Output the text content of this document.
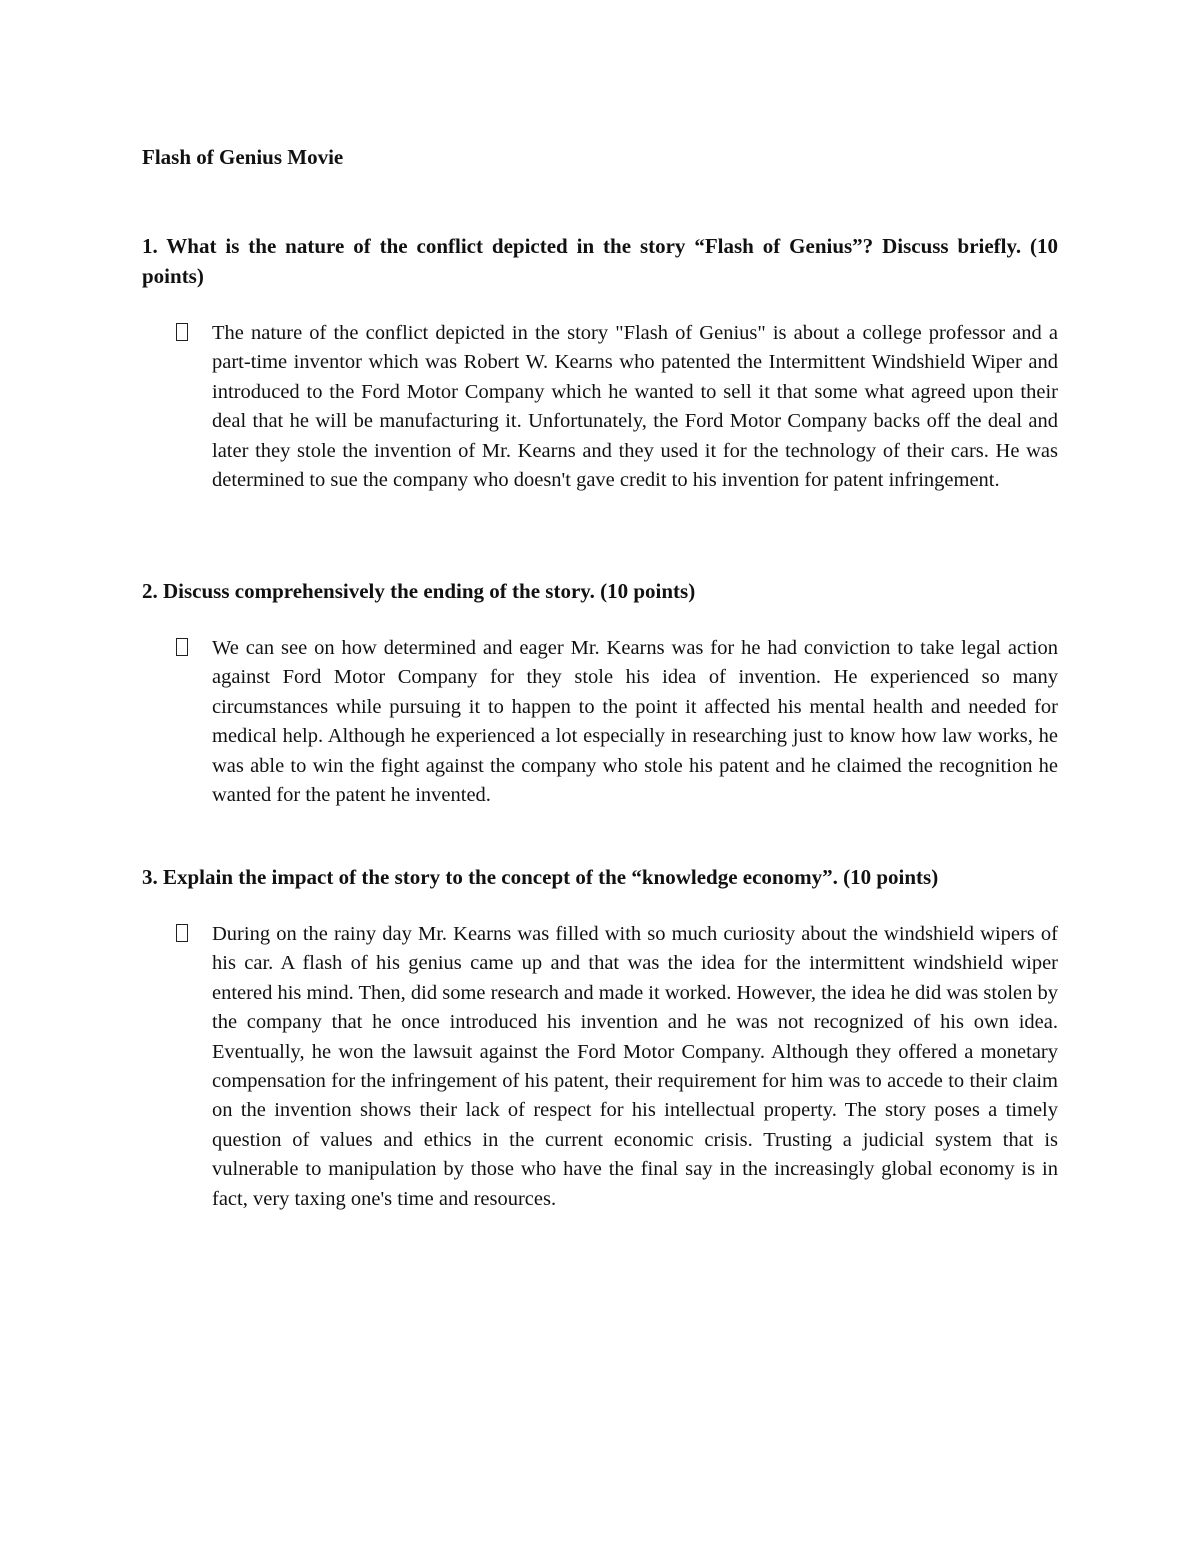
Flash of Genius Movie

1. What is the nature of the conflict depicted in the story “Flash of Genius”? Discuss briefly. (10 points)

The nature of the conflict depicted in the story "Flash of Genius" is about a college professor and a part-time inventor which was Robert W. Kearns who patented the Intermittent Windshield Wiper and introduced to the Ford Motor Company which he wanted to sell it that some what agreed upon their deal that he will be manufacturing it. Unfortunately, the Ford Motor Company backs off the deal and later they stole the invention of Mr. Kearns and they used it for the technology of their cars. He was determined to sue the company who doesn't gave credit to his invention for patent infringement.

2. Discuss comprehensively the ending of the story. (10 points)

We can see on how determined and eager Mr. Kearns was for he had conviction to take legal action against Ford Motor Company for they stole his idea of invention. He experienced so many circumstances while pursuing it to happen to the point it affected his mental health and needed for medical help. Although he experienced a lot especially in researching just to know how law works, he was able to win the fight against the company who stole his patent and he claimed the recognition he wanted for the patent he invented.

3. Explain the impact of the story to the concept of the “knowledge economy”. (10 points)

During on the rainy day Mr. Kearns was filled with so much curiosity about the windshield wipers of his car. A flash of his genius came up and that was the idea for the intermittent windshield wiper entered his mind. Then, did some research and made it worked. However, the idea he did was stolen by the company that he once introduced his invention and he was not recognized of his own idea. Eventually, he won the lawsuit against the Ford Motor Company. Although they offered a monetary compensation for the infringement of his patent, their requirement for him was to accede to their claim on the invention shows their lack of respect for his intellectual property. The story poses a timely question of values and ethics in the current economic crisis. Trusting a judicial system that is vulnerable to manipulation by those who have the final say in the increasingly global economy is in fact, very taxing one's time and resources.
